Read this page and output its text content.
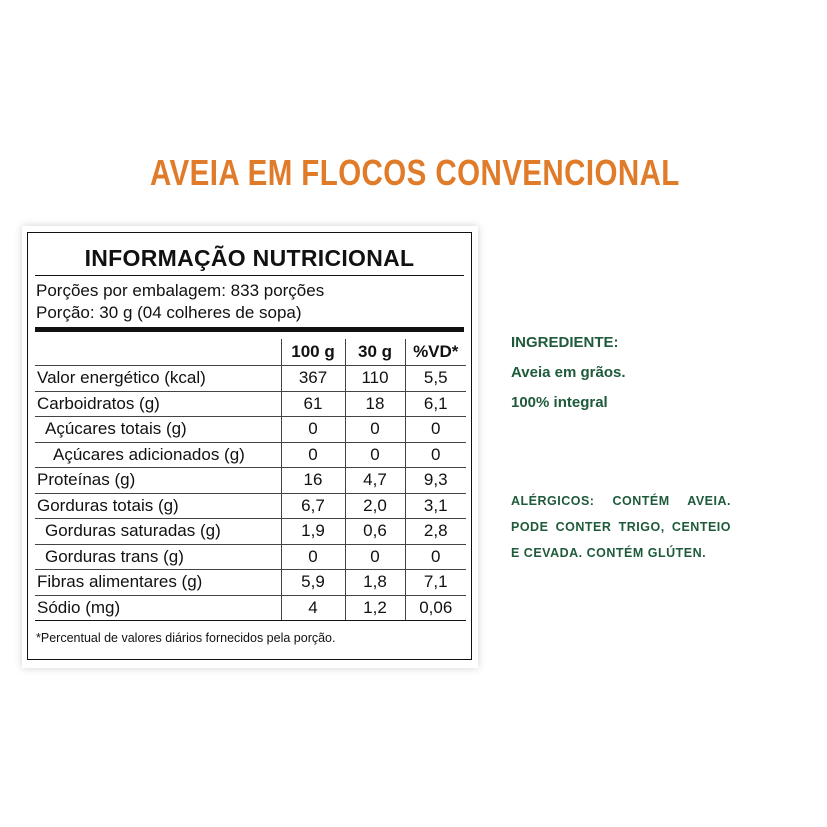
AVEIA EM FLOCOS CONVENCIONAL
INFORMAÇÃO NUTRICIONAL
Porções por embalagem: 833 porções
Porção: 30 g (04 colheres de sopa)
	100 g	30 g	%VD*
Valor energético (kcal)	367	110	5,5
Carboidratos (g)	61	18	6,1
Açúcares totais (g)	0	0	0
Açúcares adicionados (g)	0	0	0
Proteínas (g)	16	4,7	9,3
Gorduras totais (g)	6,7	2,0	3,1
Gorduras saturadas (g)	1,9	0,6	2,8
Gorduras trans (g)	0	0	0
Fibras alimentares (g)	5,9	1,8	7,1
Sódio (mg)	4	1,2	0,06
*Percentual de valores diários fornecidos pela porção.
INGREDIENTE:
Aveia em grãos.
100% integral
ALÉRGICOS: CONTÉM AVEIA. PODE CONTER TRIGO, CENTEIO E CEVADA. CONTÉM GLÚTEN.
